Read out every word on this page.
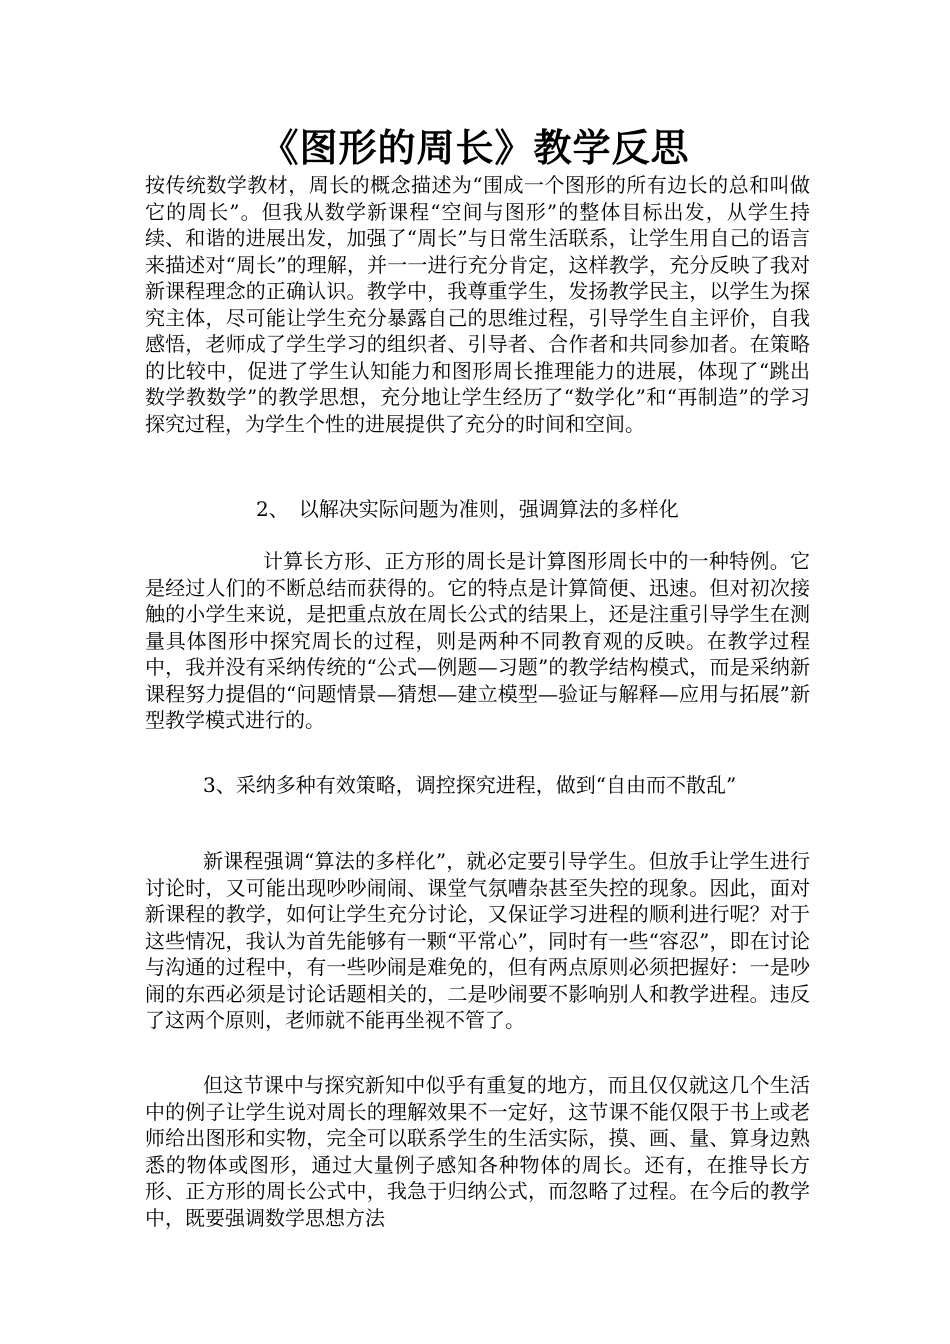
《图形的周长》教学反思

按传统数学教材，周长的概念描述为“围成一个图形的所有边长的总和叫做它的周长”。但我从数学新课程“空间与图形”的整体目标出发，从学生持续、和谐的进展出发，加强了“周长”与日常生活联系，让学生用自己的语言来描述对“周长”的理解，并一一进行充分肯定，这样教学，充分反映了我对新课程理念的正确认识。教学中，我尊重学生，发扬教学民主，以学生为探究主体，尽可能让学生充分暴露自己的思维过程，引导学生自主评价，自我感悟，老师成了学生学习的组织者、引导者、合作者和共同参加者。在策略的比较中，促进了学生认知能力和图形周长推理能力的进展，体现了“跳出数学教数学”的教学思想，充分地让学生经历了“数学化”和“再制造”的学习探究过程，为学生个性的进展提供了充分的时间和空间。

2、　以解决实际问题为准则，强调算法的多样化

计算长方形、正方形的周长是计算图形周长中的一种特例。它是经过人们的不断总结而获得的。它的特点是计算简便、迅速。但对初次接触的小学生来说，是把重点放在周长公式的结果上，还是注重引导学生在测量具体图形中探究周长的过程，则是两种不同教育观的反映。在教学过程中，我并没有采纳传统的“公式—例题—习题”的教学结构模式，而是采纳新课程努力提倡的“问题情景—猜想—建立模型—验证与解释—应用与拓展”新型教学模式进行的。

3、采纳多种有效策略，调控探究进程，做到“自由而不散乱”

新课程强调“算法的多样化”，就必定要引导学生。但放手让学生进行讨论时，又可能出现吵吵闹闹、课堂气氛嘈杂甚至失控的现象。因此，面对新课程的教学，如何让学生充分讨论，又保证学习进程的顺利进行呢？对于这些情况，我认为首先能够有一颗“平常心”，同时有一些“容忍”，即在讨论与沟通的过程中，有一些吵闹是难免的，但有两点原则必须把握好：一是吵闹的东西必须是讨论话题相关的，二是吵闹要不影响别人和教学进程。违反了这两个原则，老师就不能再坐视不管了。

但这节课中与探究新知中似乎有重复的地方，而且仅仅就这几个生活中的例子让学生说对周长的理解效果不一定好，这节课不能仅限于书上或老师给出图形和实物，完全可以联系学生的生活实际，摸、画、量、算身边熟悉的物体或图形，通过大量例子感知各种物体的周长。还有，在推导长方形、正方形的周长公式中，我急于归纳公式，而忽略了过程。在今后的教学中，既要强调数学思想方法
